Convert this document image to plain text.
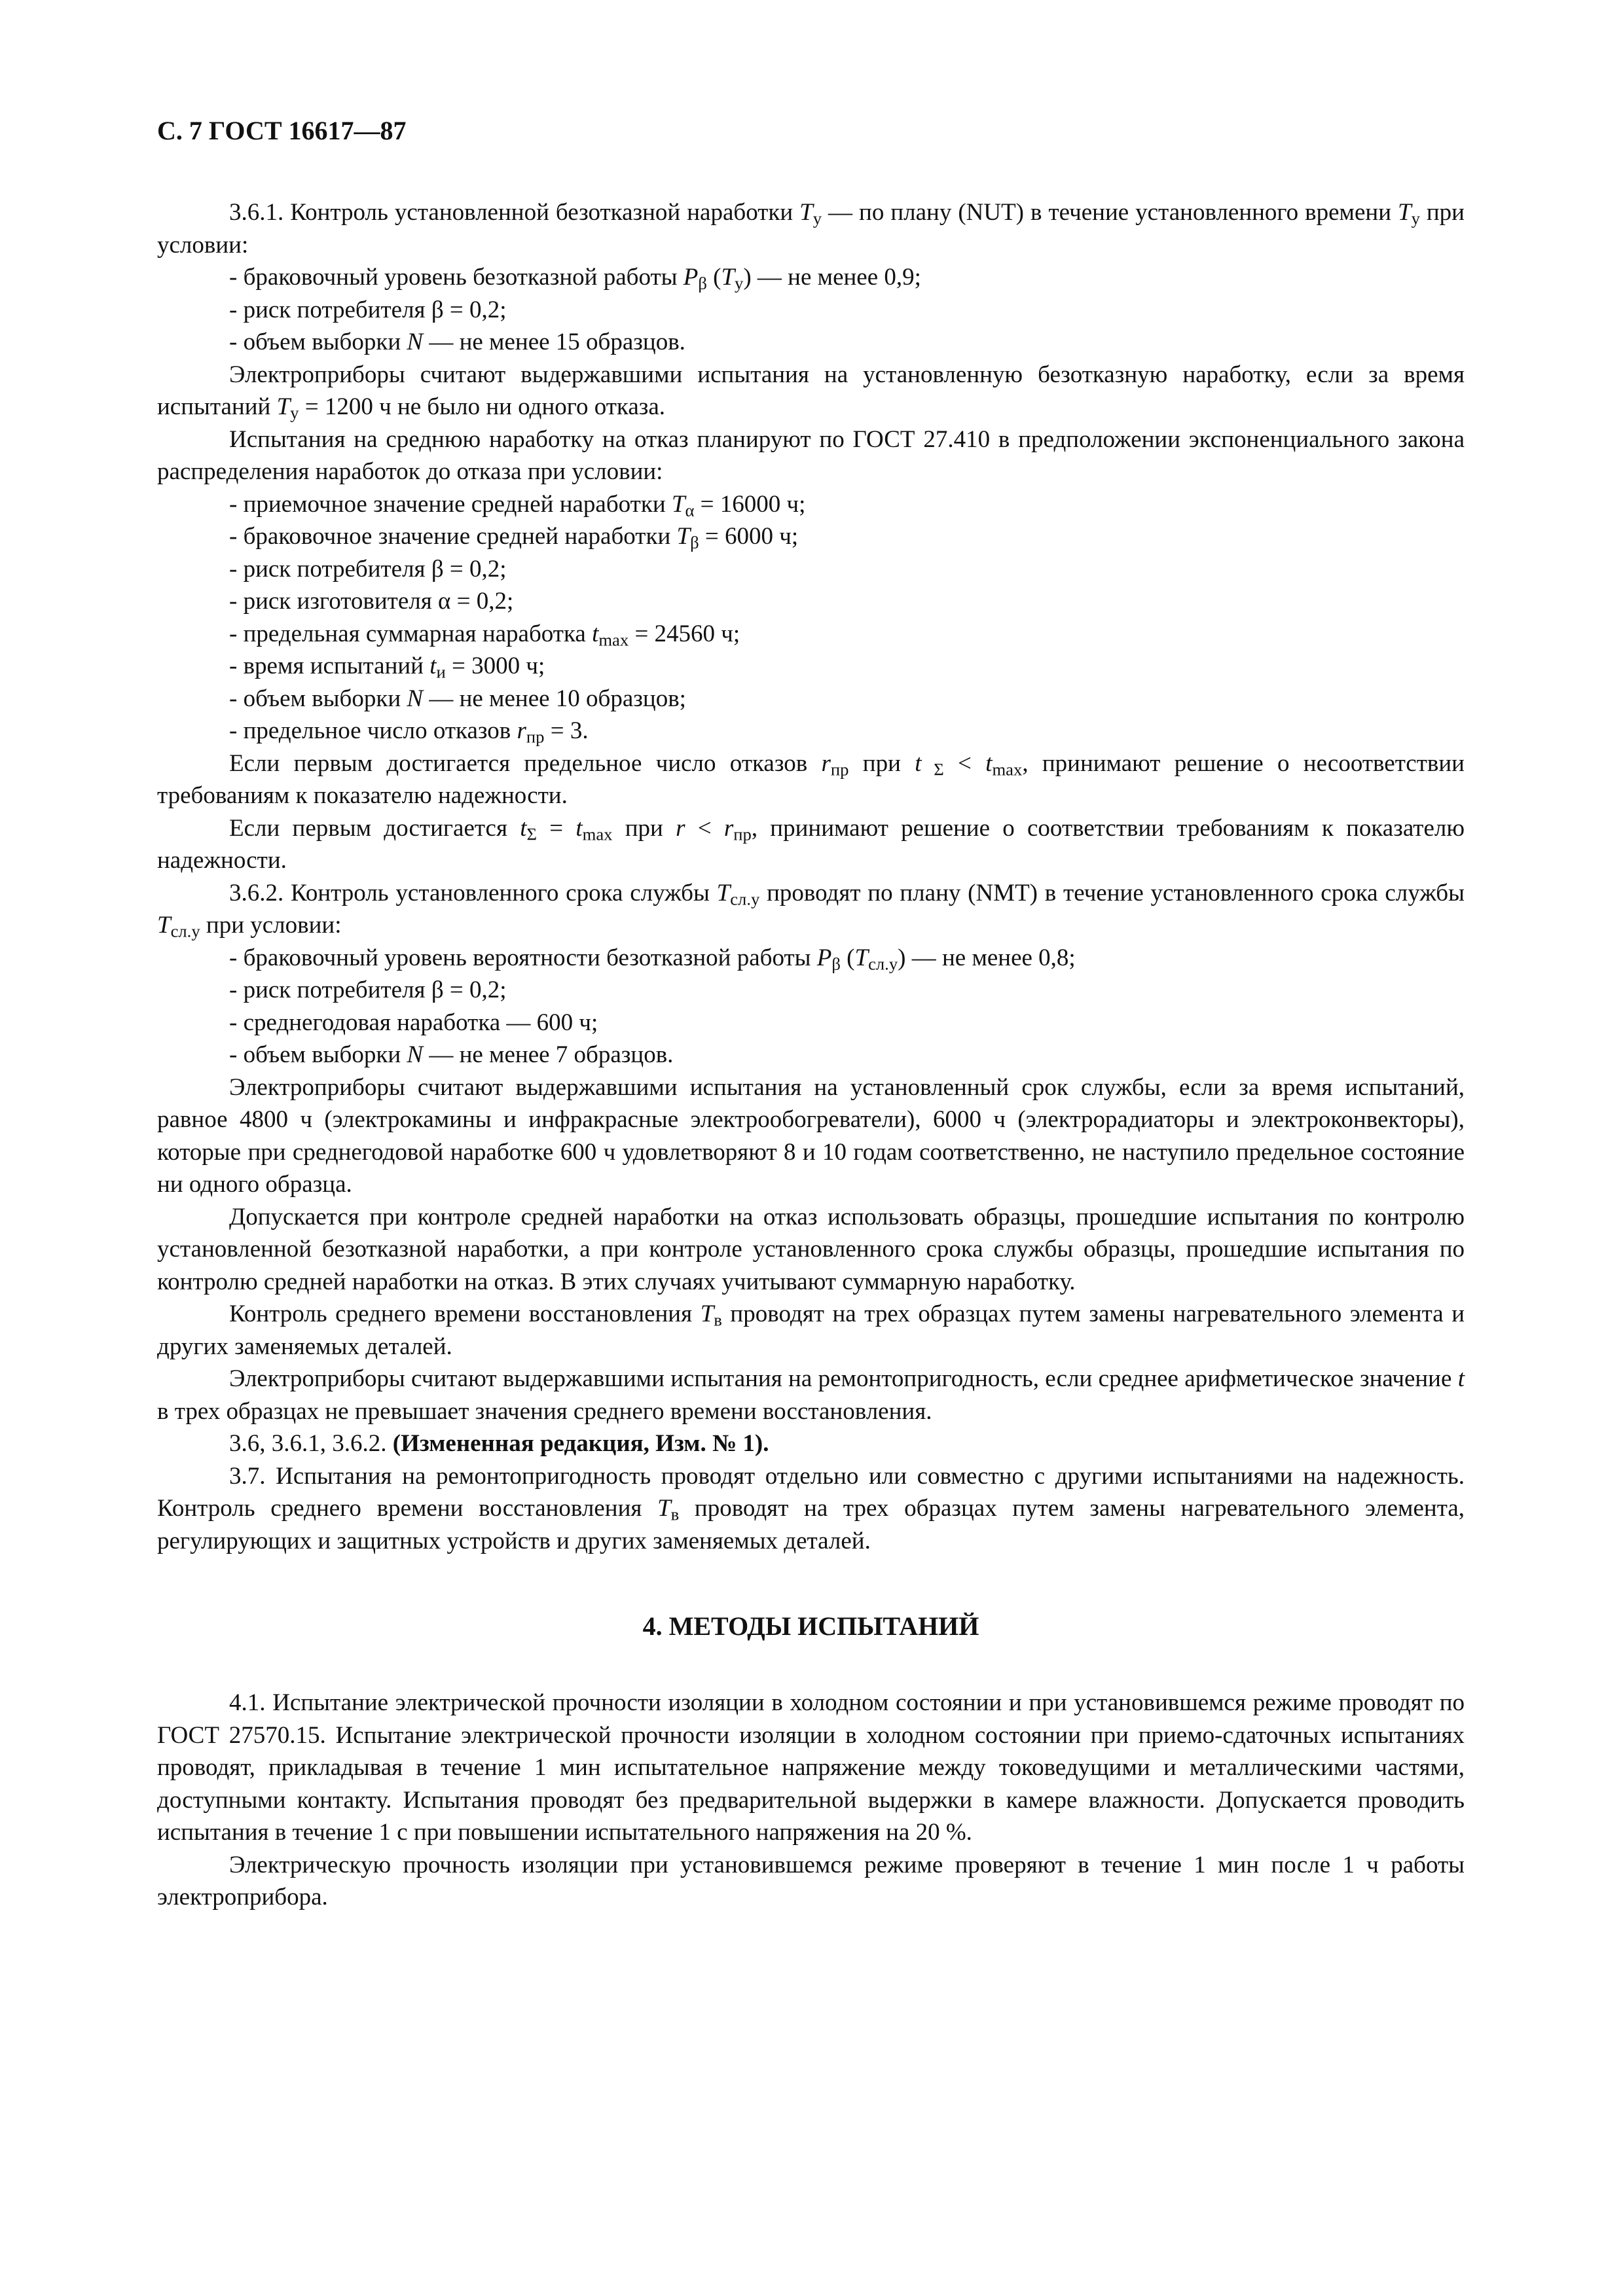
С. 7 ГОСТ 16617—87
3.6.1. Контроль установленной безотказной наработки $T_у$ — по плану (NUT) в течение установленного времени $T_у$ при условии:
- браковочный уровень безотказной работы $P_\beta$ $(T_у)$ — не менее 0,9;
- риск потребителя β = 0,2;
- объем выборки N — не менее 15 образцов.
Электроприборы считают выдержавшими испытания на установленную безотказную наработку, если за время испытаний $T_у = 1200$ ч не было ни одного отказа.
Испытания на среднюю наработку на отказ планируют по ГОСТ 27.410 в предположении экспоненциального закона распределения наработок до отказа при условии:
- приемочное значение средней наработки $T_\alpha = 16000$ ч;
- браковочное значение средней наработки $T_\beta = 6000$ ч;
- риск потребителя β = 0,2;
- риск изготовителя α = 0,2;
- предельная суммарная наработка $t_{max} = 24560$ ч;
- время испытаний $t_и = 3000$ ч;
- объем выборки N — не менее 10 образцов;
- предельное число отказов $r_{пр} = 3$.
Если первым достигается предельное число отказов $r_{пр}$ при t $_\Sigma < t_{max}$, принимают решение о несоответствии требованиям к показателю надежности.
Если первым достигается $t_\Sigma = t_{max}$ при $r < r_{пр}$, принимают решение о соответствии требованиям к показателю надежности.
3.6.2. Контроль установленного срока службы $T_{сл.у}$ проводят по плану (NMT) в течение установленного срока службы $T_{сл.у}$ при условии:
- браковочный уровень вероятности безотказной работы $P_\beta$ $(T_{сл.у})$ — не менее 0,8;
- риск потребителя β = 0,2;
- среднегодовая наработка — 600 ч;
- объем выборки N — не менее 7 образцов.
Электроприборы считают выдержавшими испытания на установленный срок службы, если за время испытаний, равное 4800 ч (электрокамины и инфракрасные электрообогреватели), 6000 ч (электрорадиаторы и электроконвекторы), которые при среднегодовой наработке 600 ч удовлетворяют 8 и 10 годам соответственно, не наступило предельное состояние ни одного образца.
Допускается при контроле средней наработки на отказ использовать образцы, прошедшие испытания по контролю установленной безотказной наработки, а при контроле установленного срока службы образцы, прошедшие испытания по контролю средней наработки на отказ. В этих случаях учитывают суммарную наработку.
Контроль среднего времени восстановления $T_в$ проводят на трех образцах путем замены нагревательного элемента и других заменяемых деталей.
Электроприборы считают выдержавшими испытания на ремонтопригодность, если среднее арифметическое значение t в трех образцах не превышает значения среднего времени восстановления.
3.6, 3.6.1, 3.6.2. (Измененная редакция, Изм. № 1).
3.7. Испытания на ремонтопригодность проводят отдельно или совместно с другими испытаниями на надежность. Контроль среднего времени восстановления $T_в$ проводят на трех образцах путем замены нагревательного элемента, регулирующих и защитных устройств и других заменяемых деталей.
4. МЕТОДЫ ИСПЫТАНИЙ
4.1. Испытание электрической прочности изоляции в холодном состоянии и при установившемся режиме проводят по ГОСТ 27570.15. Испытание электрической прочности изоляции в холодном состоянии при приемо-сдаточных испытаниях проводят, прикладывая в течение 1 мин испытательное напряжение между токоведущими и металлическими частями, доступными контакту. Испытания проводят без предварительной выдержки в камере влажности. Допускается проводить испытания в течение 1 с при повышении испытательного напряжения на 20 %.
Электрическую прочность изоляции при установившемся режиме проверяют в течение 1 мин после 1 ч работы электроприбора.
